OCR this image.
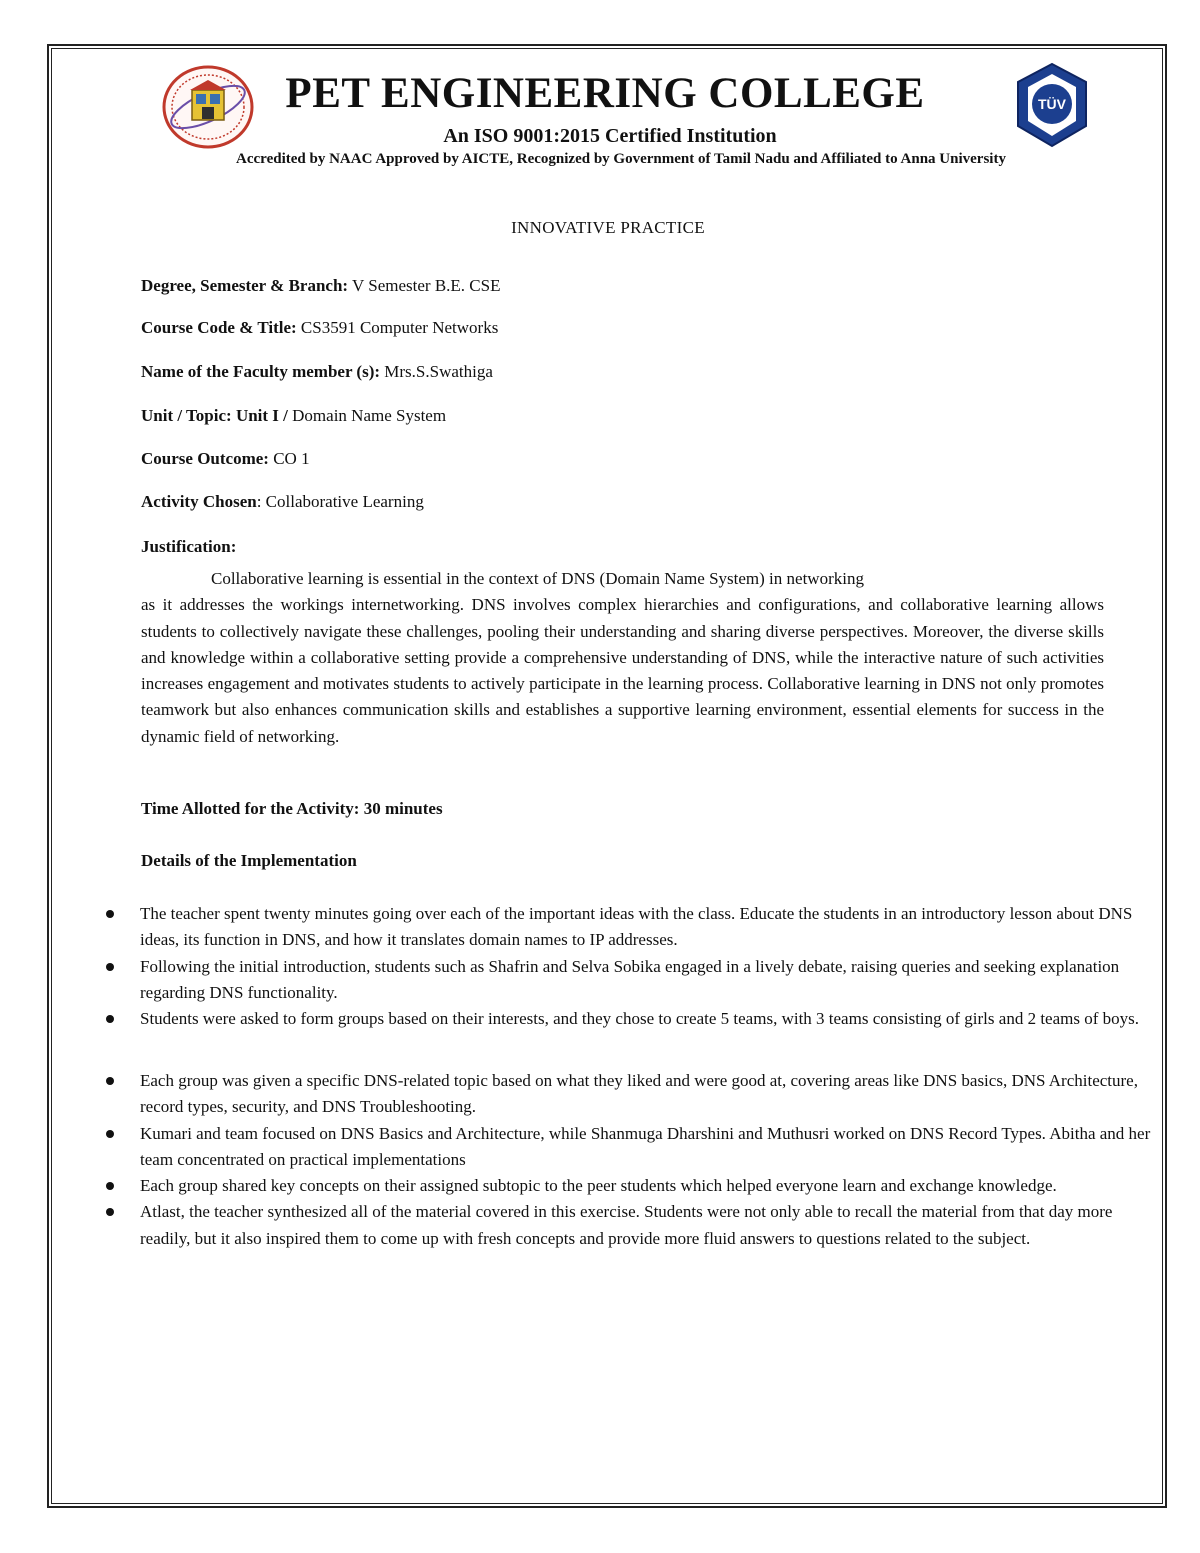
TÜV
PET ENGINEERING COLLEGE
An ISO 9001:2015 Certified Institution
Accredited by NAAC Approved by AICTE, Recognized by Government of Tamil Nadu and Affiliated to Anna University
INNOVATIVE PRACTICE
Degree, Semester & Branch: V Semester B.E. CSE
Course Code & Title: CS3591 Computer Networks
Name of the Faculty member (s): Mrs.S.Swathiga
Unit / Topic: Unit I / Domain Name System
Course Outcome: CO 1
Activity Chosen: Collaborative Learning
Justification:
Collaborative learning is essential in the context of DNS (Domain Name System) in networking
as it addresses the workings internetworking. DNS involves complex hierarchies and configurations, and collaborative learning allows students to collectively navigate these challenges, pooling their understanding and sharing diverse perspectives. Moreover, the diverse skills and knowledge within a collaborative setting provide a comprehensive understanding of DNS, while the interactive nature of such activities increases engagement and motivates students to actively participate in the learning process. Collaborative learning in DNS not only promotes teamwork but also enhances communication skills and establishes a supportive learning environment, essential elements for success in the dynamic field of networking.
Time Allotted for the Activity: 30 minutes
Details of the Implementation
The teacher spent twenty minutes going over each of the important ideas with the class. Educate the students in an introductory lesson about DNS ideas, its function in DNS, and how it translates domain names to IP addresses.
Following the initial introduction, students such as Shafrin and Selva Sobika engaged in a lively debate, raising queries and seeking explanation regarding DNS functionality.
Students were asked to form groups based on their interests, and they chose to create 5 teams, with 3 teams consisting of girls and 2 teams of boys.
Each group was given a specific DNS-related topic based on what they liked and were good at, covering areas like DNS basics, DNS Architecture, record types, security, and DNS Troubleshooting.
Kumari and team focused on DNS Basics and Architecture, while Shanmuga Dharshini and Muthusri worked on DNS Record Types. Abitha and her team concentrated on practical implementations
Each group shared key concepts on their assigned subtopic to the peer students which helped everyone learn and exchange knowledge.
Atlast, the teacher synthesized all of the material covered in this exercise. Students were not only able to recall the material from that day more readily, but it also inspired them to come up with fresh concepts and provide more fluid answers to questions related to the subject.
